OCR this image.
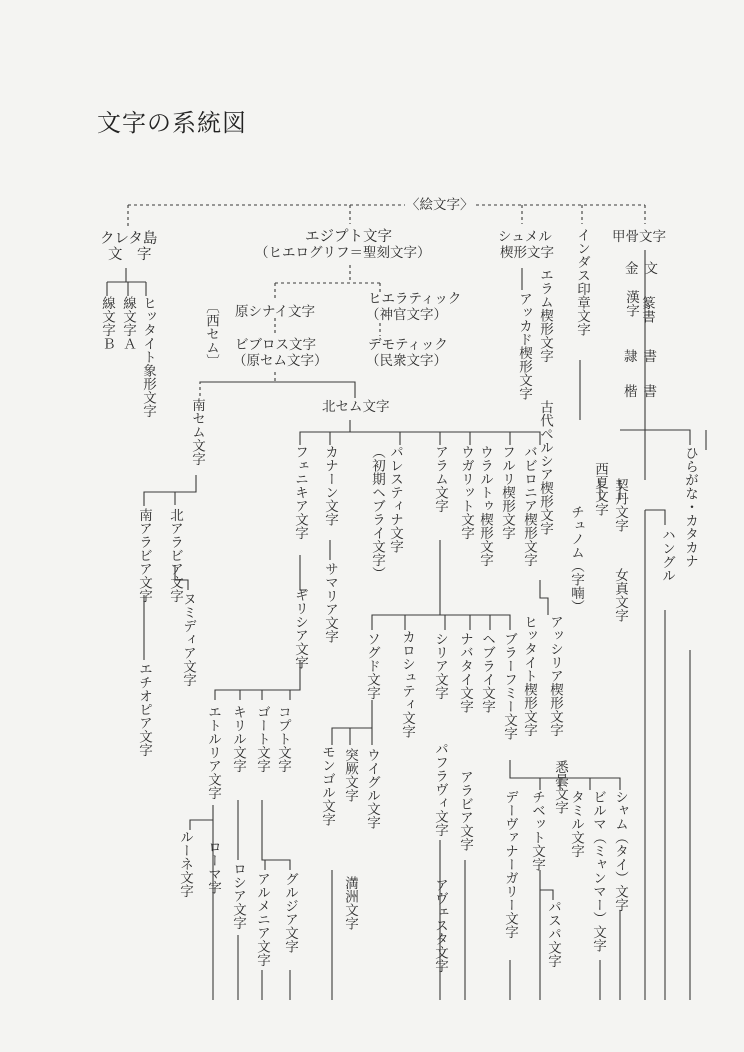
文字の系統図
〈絵文字〉
クレタ島
文　字
エジプト文字
（ヒエログリフ＝聖刻文字）
シュメル
楔形文字 インダス印章文字 甲骨文字
金文
漢字 篆書
隷書
楷書
線文字Ｂ 線文字Ａ ヒッタイト象形文字	〔西セム〕 原シナイ文字
ビブロス文字
（原セム文字）
ヒエラティック
（神官文字）
デモティック
（民衆文字）	アッカド楔形文字 エラム楔形文字
古代ペルシア楔形文字
北セム文字
南セム文字
北アラビア文字
南アラビア文字
エチオピア文字
ヌミディア文字
フェニキア文字 カナーン文字
サマリア文字
パレスティナ文字
（初期ヘブライ文字）	アラム文字 ウガリット文字 ウラルトゥ楔形文字 フルリ楔形文字 バビロニア楔形文字
ヒッタイト楔形文字 アッシリア楔形文字
ギリシア文字
エトルリア文字
ルーネ文字 ローマ字
キリル文字
ロシア文字
ゴート文字 コプト文字
グルジア文字
アルメニア文字
ソグド文字
突厥文字
モンゴル文字
満洲文字
ウイグル文字
カロシュティ文字 シリア文字
パフラヴィ文字
アヴェスタ文字
ナバタイ文字
アラビア文字
ヘブライ文字 ブラーフミー文字
デーヴァナーガリー文字 チベット文字
パスパ文字
悉曇文字
タミル文字 ビルマ（ミャンマー）文字 シャム（タイ）文字
契丹文字
女真文字
西夏文字
チュノム（字喃）	ひらがな・カタカナ
ハングル
